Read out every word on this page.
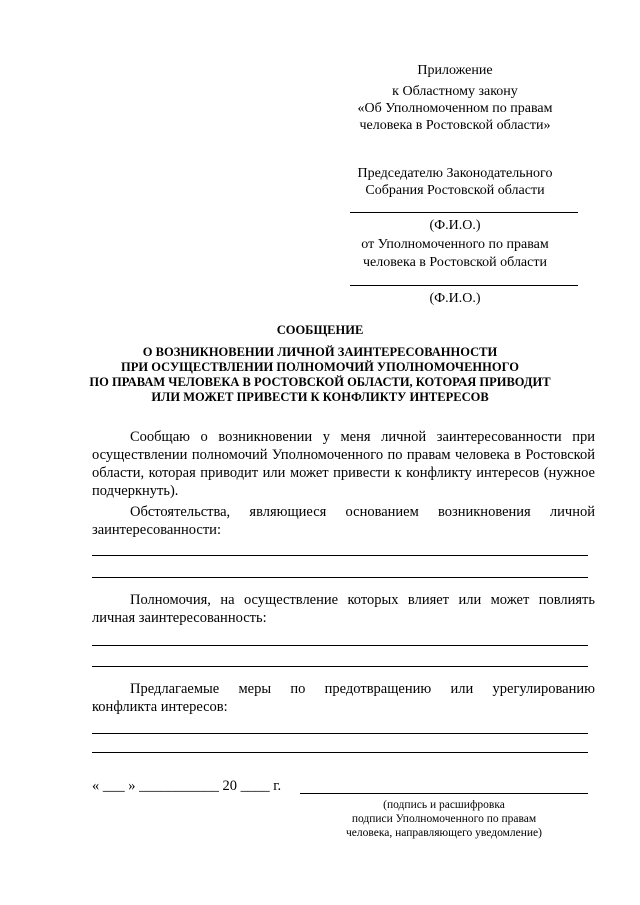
Приложение
к Областному закону
«Об Уполномоченном по правам
человека в Ростовской области»
Председателю Законодательного
Собрания Ростовской области
(Ф.И.О.)
от Уполномоченного по правам
человека в Ростовской области
(Ф.И.О.)
СООБЩЕНИЕ
О ВОЗНИКНОВЕНИИ ЛИЧНОЙ ЗАИНТЕРЕСОВАННОСТИ
ПРИ ОСУЩЕСТВЛЕНИИ ПОЛНОМОЧИЙ УПОЛНОМОЧЕННОГО
ПО ПРАВАМ ЧЕЛОВЕКА В РОСТОВСКОЙ ОБЛАСТИ, КОТОРАЯ ПРИВОДИТ
ИЛИ МОЖЕТ ПРИВЕСТИ К КОНФЛИКТУ ИНТЕРЕСОВ
Сообщаю о возникновении у меня личной заинтересованности при осуществлении полномочий Уполномоченного по правам человека в Ростовской области, которая приводит или может привести к конфликту интересов (нужное подчеркнуть).
Обстоятельства, являющиеся основанием возникновения личной заинтересованности:
Полномочия, на осуществление которых влияет или может повлиять личная заинтересованность:
Предлагаемые меры по предотвращению или урегулированию
конфликта интересов:
« ___ » ___________ 20 ____ г.
(подпись и расшифровка
подписи Уполномоченного по правам
человека, направляющего уведомление)
